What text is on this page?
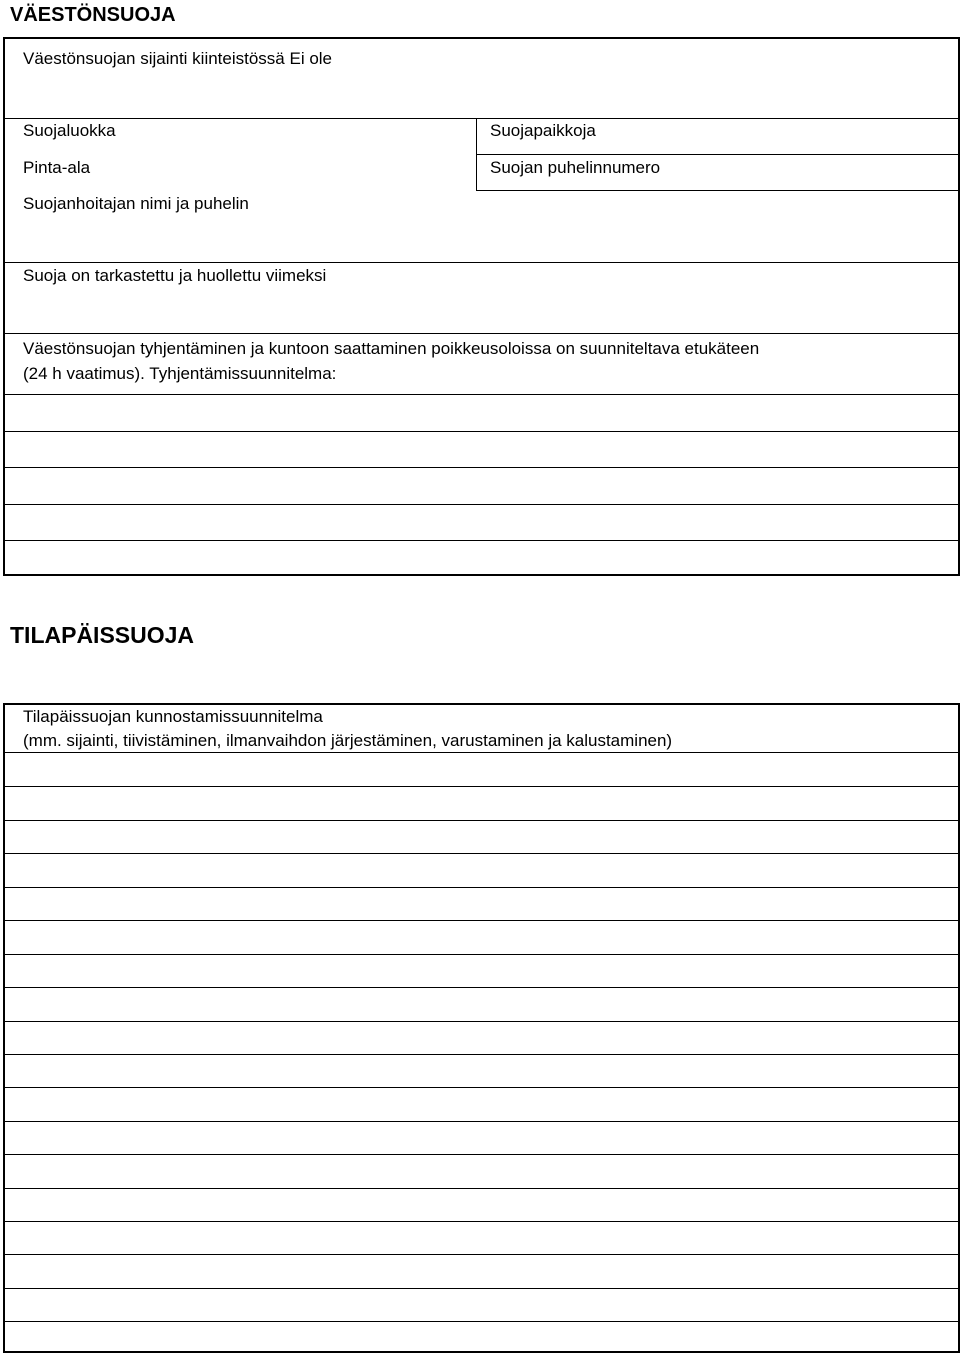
VÄESTÖNSUOJA
Väestönsuojan sijainti kiinteistössä Ei ole
Suojaluokka
Pinta-ala
Suojanhoitajan nimi ja puhelin
Suojapaikkoja
Suojan puhelinnumero
Suoja on tarkastettu ja huollettu viimeksi
Väestönsuojan tyhjentäminen ja kuntoon saattaminen poikkeusoloissa on suunniteltava etukäteen
(24 h vaatimus). Tyhjentämissuunnitelma:
TILAPÄISSUOJA
Tilapäissuojan kunnostamissuunnitelma
(mm. sijainti, tiivistäminen, ilmanvaihdon järjestäminen, varustaminen ja kalustaminen)
